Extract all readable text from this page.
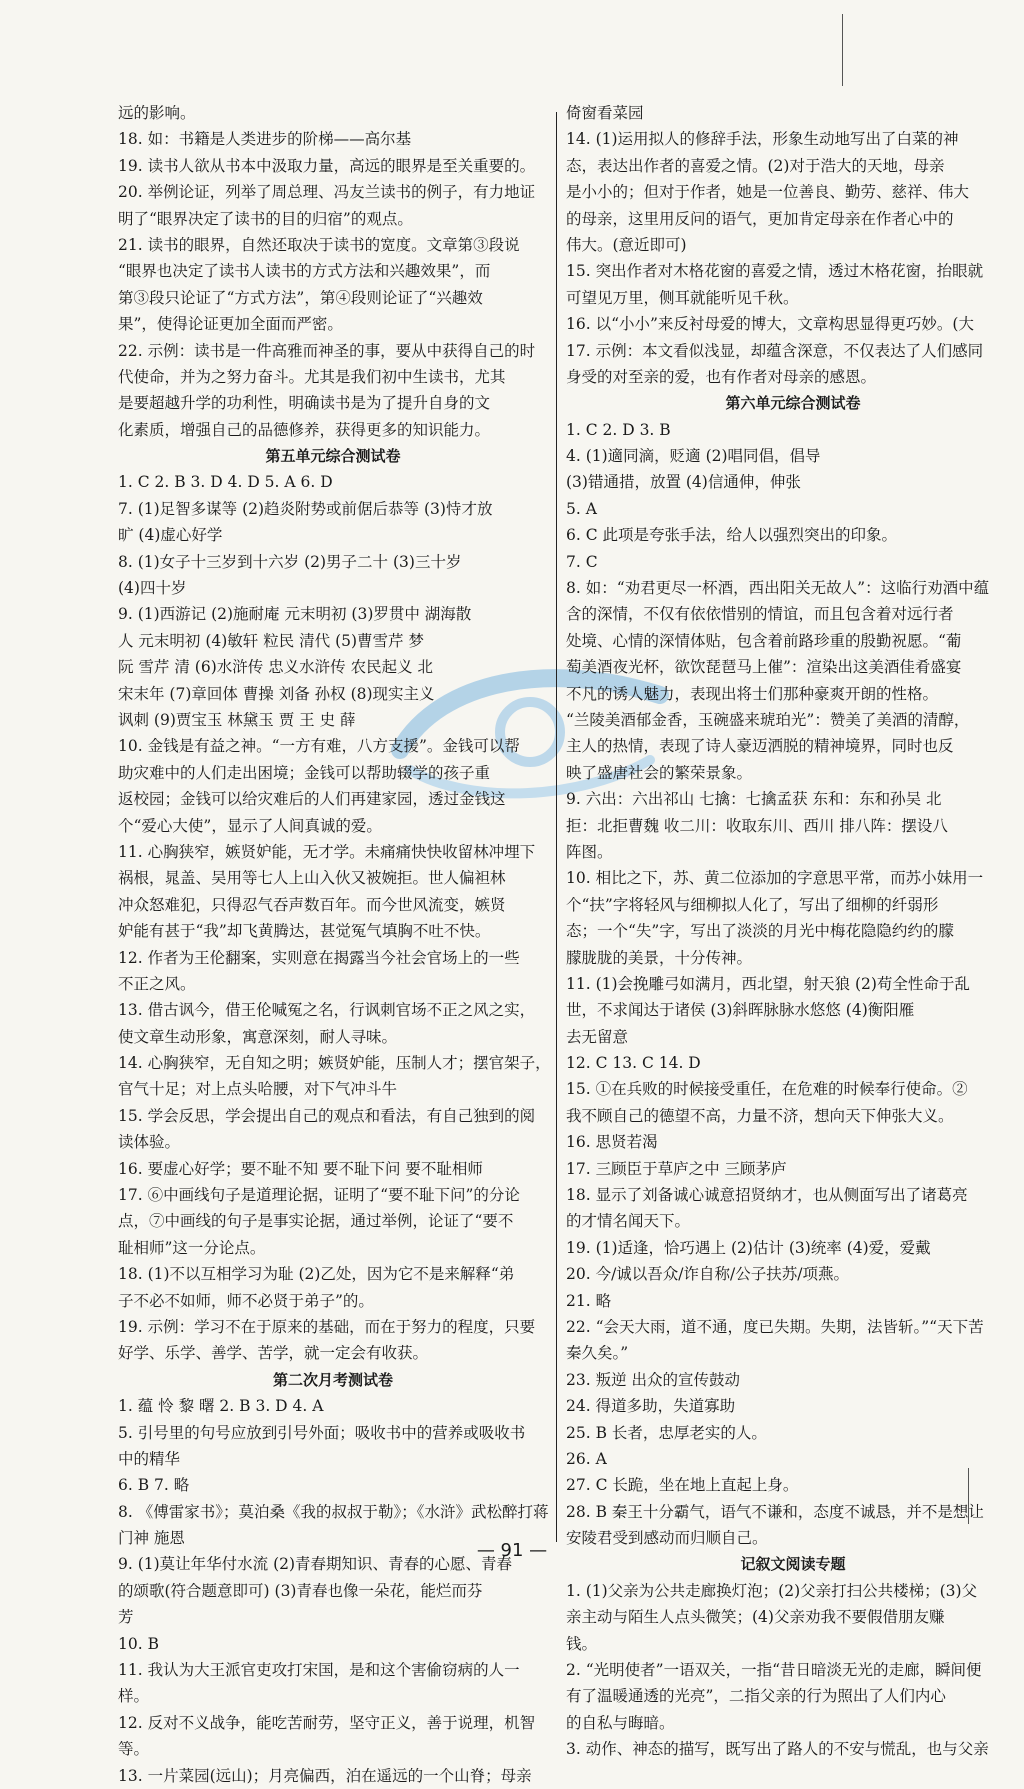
远的影响。
18. 如：书籍是人类进步的阶梯——高尔基
19. 读书人欲从书本中汲取力量，高远的眼界是至关重要的。
20. 举例论证，列举了周总理、冯友兰读书的例子，有力地证
明了“眼界决定了读书的目的归宿”的观点。
21. 读书的眼界，自然还取决于读书的宽度。文章第③段说
“眼界也决定了读书人读书的方式方法和兴趣效果”，而
第③段只论证了“方式方法”，第④段则论证了“兴趣效
果”，使得论证更加全面而严密。
22. 示例：读书是一件高雅而神圣的事，要从中获得自己的时
代使命，并为之努力奋斗。尤其是我们初中生读书，尤其
是要超越升学的功利性，明确读书是为了提升自身的文
化素质，增强自己的品德修养，获得更多的知识能力。
第五单元综合测试卷
1. C 2. B 3. D 4. D 5. A 6. D
7. (1)足智多谋等 (2)趋炎附势或前倨后恭等 (3)恃才放
旷 (4)虚心好学
8. (1)女子十三岁到十六岁 (2)男子二十 (3)三十岁
(4)四十岁
9. (1)西游记 (2)施耐庵 元末明初 (3)罗贯中 湖海散
人 元末明初 (4)敏轩 粒民 清代 (5)曹雪芹 梦
阮 雪芹 清 (6)水浒传 忠义水浒传 农民起义 北
宋末年 (7)章回体 曹操 刘备 孙权 (8)现实主义
讽刺 (9)贾宝玉 林黛玉 贾 王 史 薛
10. 金钱是有益之神。“一方有难，八方支援”。金钱可以帮
助灾难中的人们走出困境；金钱可以帮助辍学的孩子重
返校园；金钱可以给灾难后的人们再建家园，透过金钱这
个“爱心大使”，显示了人间真诚的爱。
11. 心胸狭窄，嫉贤妒能，无才学。未痛痛快快收留林冲埋下
祸根，晁盖、吴用等七人上山入伙又被婉拒。世人偏袒林
冲众怒难犯，只得忍气吞声数百年。而今世风流变，嫉贤
妒能有甚于“我”却飞黄腾达，甚觉冤气填胸不吐不快。
12. 作者为王伦翻案，实则意在揭露当今社会官场上的一些
不正之风。
13. 借古讽今，借王伦喊冤之名，行讽刺官场不正之风之实，
使文章生动形象，寓意深刻，耐人寻味。
14. 心胸狭窄，无自知之明；嫉贤妒能，压制人才；摆官架子，
官气十足；对上点头哈腰，对下气冲斗牛
15. 学会反思，学会提出自己的观点和看法，有自己独到的阅
读体验。
16. 要虚心好学；要不耻不知 要不耻下问 要不耻相师
17. ⑥中画线句子是道理论据，证明了“要不耻下问”的分论
点，⑦中画线的句子是事实论据，通过举例，论证了“要不
耻相师”这一分论点。
18. (1)不以互相学习为耻 (2)乙处，因为它不是来解释“弟
子不必不如师，师不必贤于弟子”的。
19. 示例：学习不在于原来的基础，而在于努力的程度，只要
好学、乐学、善学、苦学，就一定会有收获。
第二次月考测试卷
1. 蕴 怜 黎 曙 2. B 3. D 4. A
5. 引号里的句号应放到引号外面；吸收书中的营养或吸收书
中的精华
6. B 7. 略
8. 《傅雷家书》；莫泊桑《我的叔叔于勒》；《水浒》武松醉打蒋
门神 施恩
9. (1)莫让年华付水流 (2)青春期知识、青春的心愿、青春
的颂歌(符合题意即可) (3)青春也像一朵花，能烂而芬
芳
10. B
11. 我认为大王派官吏攻打宋国，是和这个害偷窃病的人一
样。
12. 反对不义战争，能吃苦耐劳，坚守正义，善于说理，机智
等。
13. 一片菜园(远山)；月亮偏西，泊在遥远的一个山脊；母亲
倚窗看菜园
14. (1)运用拟人的修辞手法，形象生动地写出了白菜的神
态，表达出作者的喜爱之情。(2)对于浩大的天地，母亲
是小小的；但对于作者，她是一位善良、勤劳、慈祥、伟大
的母亲，这里用反问的语气，更加肯定母亲在作者心中的
伟大。(意近即可)
15. 突出作者对木格花窗的喜爱之情，透过木格花窗，抬眼就
可望见万里，侧耳就能听见千秋。
16. 以“小小”来反衬母爱的博大，文章构思显得更巧妙。(大
17. 示例：本文看似浅显，却蕴含深意，不仅表达了人们感同
身受的对至亲的爱，也有作者对母亲的感恩。
第六单元综合测试卷
1. C 2. D 3. B
4. (1)適同滴，贬適 (2)唱同倡，倡导
(3)错通措，放置 (4)信通伸，伸张
5. A
6. C 此项是夸张手法，给人以强烈突出的印象。
7. C
8. 如：“劝君更尽一杯酒，西出阳关无故人”：这临行劝酒中蕴
含的深情，不仅有依依惜别的情谊，而且包含着对远行者
处境、心情的深情体贴，包含着前路珍重的殷勤祝愿。“葡
萄美酒夜光杯，欲饮琵琶马上催”：渲染出这美酒佳肴盛宴
不凡的诱人魅力，表现出将士们那种豪爽开朗的性格。
“兰陵美酒郁金香，玉碗盛来琥珀光”：赞美了美酒的清醇，
主人的热情，表现了诗人豪迈洒脱的精神境界，同时也反
映了盛唐社会的繁荣景象。
9. 六出：六出祁山 七擒：七擒孟获 东和：东和孙吴 北
拒：北拒曹魏 收二川：收取东川、西川 排八阵：摆设八
阵图。
10. 相比之下，苏、黄二位添加的字意思平常，而苏小妹用一
个“扶”字将轻风与细柳拟人化了，写出了细柳的纤弱形
态；一个“失”字，写出了淡淡的月光中梅花隐隐约约的朦
朦胧胧的美景，十分传神。
11. (1)会挽雕弓如满月，西北望，射天狼 (2)苟全性命于乱
世，不求闻达于诸侯 (3)斜晖脉脉水悠悠 (4)衡阳雁
去无留意
12. C 13. C 14. D
15. ①在兵败的时候接受重任，在危难的时候奉行使命。②
我不顾自己的德望不高，力量不济，想向天下伸张大义。
16. 思贤若渴
17. 三顾臣于草庐之中 三顾茅庐
18. 显示了刘备诚心诚意招贤纳才，也从侧面写出了诸葛亮
的才情名闻天下。
19. (1)适逢，恰巧遇上 (2)估计 (3)统率 (4)爱，爱戴
20. 今/诚以吾众/诈自称/公子扶苏/项燕。
21. 略
22. “会天大雨，道不通，度已失期。失期，法皆斩。”“天下苦
秦久矣。”
23. 叛逆 出众的宣传鼓动
24. 得道多助，失道寡助
25. B 长者，忠厚老实的人。
26. A
27. C 长跪，坐在地上直起上身。
28. B 秦王十分霸气，语气不谦和，态度不诚恳，并不是想让
安陵君受到感动而归顺自己。
记叙文阅读专题
1. (1)父亲为公共走廊换灯泡；(2)父亲打扫公共楼梯；(3)父
亲主动与陌生人点头微笑；(4)父亲劝我不要假借朋友赚
钱。
2. “光明使者”一语双关，一指“昔日暗淡无光的走廊，瞬间便
有了温暖通透的光亮”，二指父亲的行为照出了人们内心
的自私与晦暗。
3. 动作、神态的描写，既写出了路人的不安与慌乱，也与父亲
— 91 —
